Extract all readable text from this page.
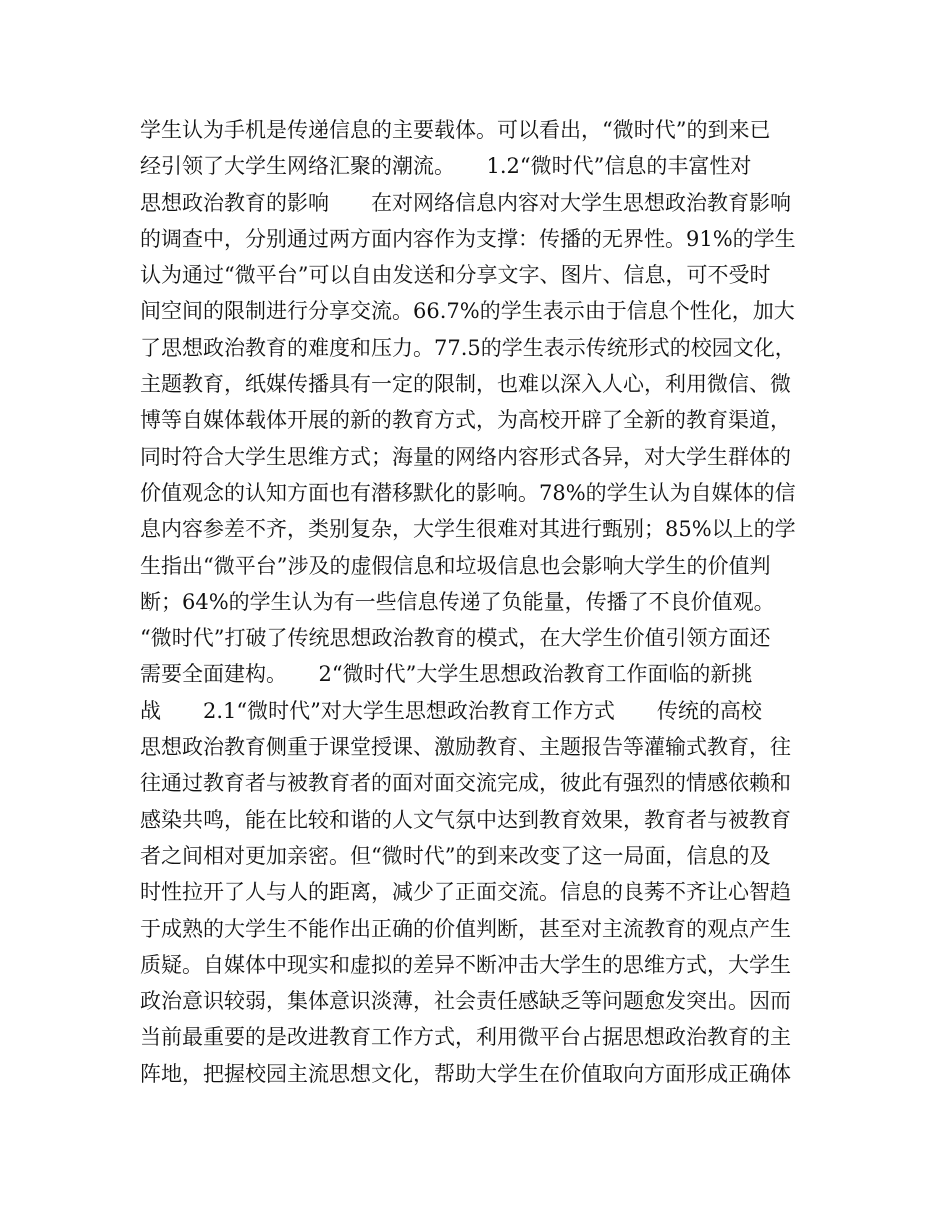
学生认为手机是传递信息的主要载体。可以看出，“微时代”的到来已
经引领了大学生网络汇聚的潮流。　　1.2“微时代”信息的丰富性对
思想政治教育的影响　　在对网络信息内容对大学生思想政治教育影响
的调查中，分别通过两方面内容作为支撑：传播的无界性。91%的学生
认为通过“微平台”可以自由发送和分享文字、图片、信息，可不受时
间空间的限制进行分享交流。66.7%的学生表示由于信息个性化，加大
了思想政治教育的难度和压力。77.5的学生表示传统形式的校园文化，
主题教育，纸媒传播具有一定的限制，也难以深入人心，利用微信、微
博等自媒体载体开展的新的教育方式，为高校开辟了全新的教育渠道，
同时符合大学生思维方式；海量的网络内容形式各异，对大学生群体的
价值观念的认知方面也有潜移默化的影响。78%的学生认为自媒体的信
息内容参差不齐，类别复杂，大学生很难对其进行甄别；85%以上的学
生指出“微平台”涉及的虚假信息和垃圾信息也会影响大学生的价值判
断；64%的学生认为有一些信息传递了负能量，传播了不良价值观。
“微时代”打破了传统思想政治教育的模式，在大学生价值引领方面还
需要全面建构。　　2“微时代”大学生思想政治教育工作面临的新挑
战　　2.1“微时代”对大学生思想政治教育工作方式　　传统的高校
思想政治教育侧重于课堂授课、激励教育、主题报告等灌输式教育，往
往通过教育者与被教育者的面对面交流完成，彼此有强烈的情感依赖和
感染共鸣，能在比较和谐的人文气氛中达到教育效果，教育者与被教育
者之间相对更加亲密。但“微时代”的到来改变了这一局面，信息的及
时性拉开了人与人的距离，减少了正面交流。信息的良莠不齐让心智趋
于成熟的大学生不能作出正确的价值判断，甚至对主流教育的观点产生
质疑。自媒体中现实和虚拟的差异不断冲击大学生的思维方式，大学生
政治意识较弱，集体意识淡薄，社会责任感缺乏等问题愈发突出。因而
当前最重要的是改进教育工作方式，利用微平台占据思想政治教育的主
阵地，把握校园主流思想文化，帮助大学生在价值取向方面形成正确体
